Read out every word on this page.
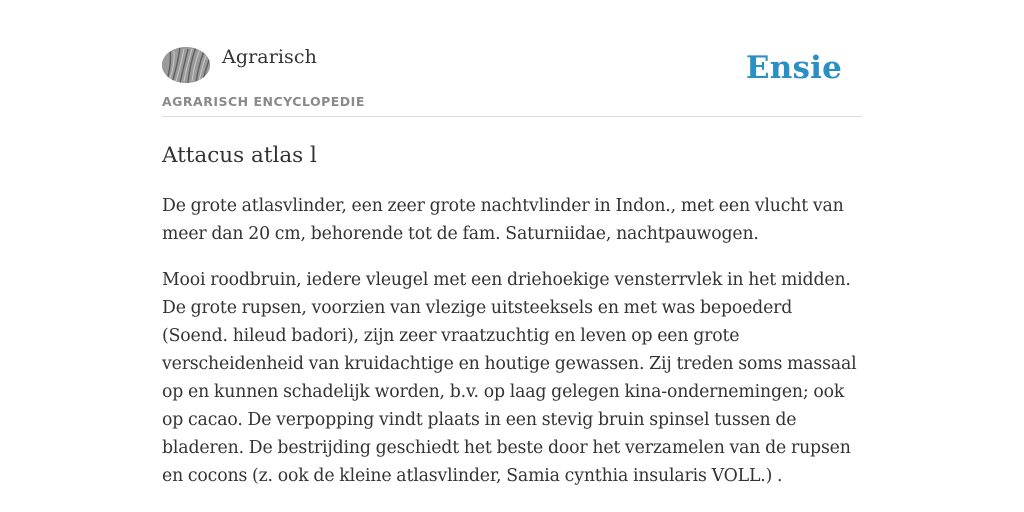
Agrarisch
AGRARISCH ENCYCLOPEDIE
Ensie
Attacus atlas l

De grote atlasvlinder, een zeer grote nachtvlinder in Indon., met een vlucht van meer dan 20 cm, behorende tot de fam. Saturniidae, nachtpauwogen.

Mooi roodbruin, iedere vleugel met een driehoekige vensterrvlek in het midden. De grote rupsen, voorzien van vlezige uitsteeksels en met was bepoederd (Soend. hileud badori), zijn zeer vraatzuchtig en leven op een grote verscheidenheid van kruidachtige en houtige gewassen. Zij treden soms massaal op en kunnen schadelijk worden, b.v. op laag gelegen kina-ondernemingen; ook op cacao. De verpopping vindt plaats in een stevig bruin spinsel tussen de bladeren. De bestrijding geschiedt het beste door het verzamelen van de rupsen en cocons (z. ook de kleine atlasvlinder, Samia cynthia insularis VOLL.) .
